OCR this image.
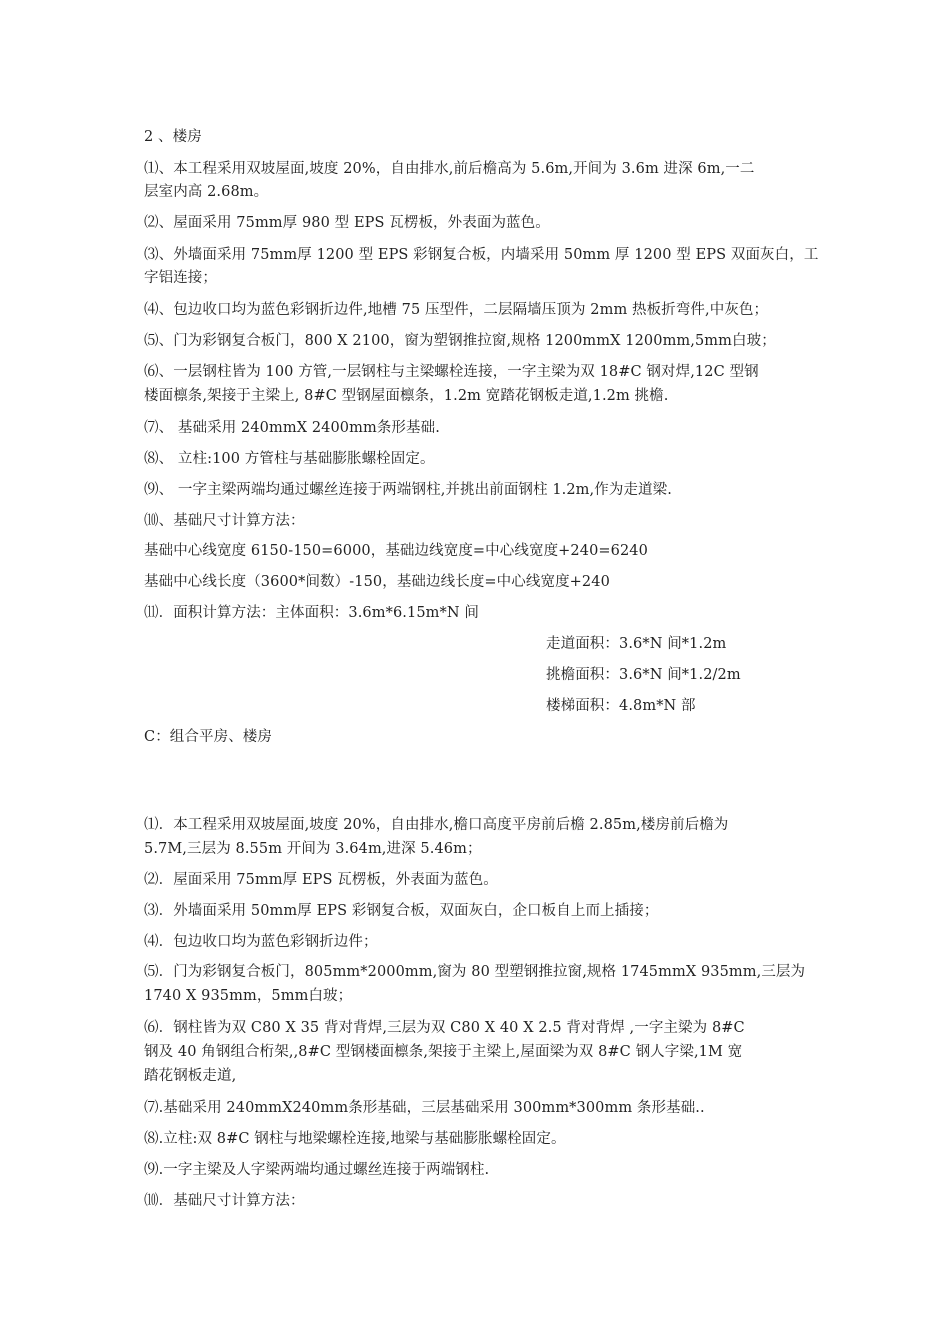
2 、楼房
⑴、本工程采用双坡屋面,坡度 20%，自由排水,前后檐高为 5.6m,开间为 3.6m 进深 6m,一二
层室内高 2.68m。
⑵、屋面采用 75mm厚 980 型 EPS 瓦楞板，外表面为蓝色。
⑶、外墙面采用 75mm厚 1200 型 EPS 彩钢复合板，内墙采用 50mm 厚 1200 型 EPS 双面灰白，工
字铝连接；
⑷、包边收口均为蓝色彩钢折边件,地槽 75 压型件，二层隔墙压顶为 2mm 热板折弯件,中灰色；
⑸、门为彩钢复合板门，800 X 2100，窗为塑钢推拉窗,规格 1200mmX 1200mm,5mm白玻；
⑹、一层钢柱皆为 100 方管,一层钢柱与主梁螺栓连接，一字主梁为双 18#C 钢对焊,12C 型钢
楼面檩条,架接于主梁上, 8#C 型钢屋面檩条，1.2m 宽踏花钢板走道,1.2m 挑檐.
⑺、 基础采用 240mmX 2400mm条形基础.
⑻、 立柱:100 方管柱与基础膨胀螺栓固定。
⑼、 一字主梁两端均通过螺丝连接于两端钢柱,并挑出前面钢柱 1.2m,作为走道梁.
⑽、基础尺寸计算方法：
基础中心线宽度 6150-150=6000，基础边线宽度=中心线宽度+240=6240
基础中心线长度（3600*间数）-150，基础边线长度=中心线宽度+240
⑾．面积计算方法：主体面积：3.6m*6.15m*N 间
走道面积：3.6*N 间*1.2m
挑檐面积：3.6*N 间*1.2/2m
楼梯面积：4.8m*N 部
C：组合平房、楼房
⑴．本工程采用双坡屋面,坡度 20%，自由排水,檐口高度平房前后檐 2.85m,楼房前后檐为
5.7M,三层为 8.55m 开间为 3.64m,进深 5.46m；
⑵．屋面采用 75mm厚 EPS 瓦楞板，外表面为蓝色。
⑶．外墙面采用 50mm厚 EPS 彩钢复合板，双面灰白，企口板自上而上插接；
⑷．包边收口均为蓝色彩钢折边件；
⑸．门为彩钢复合板门，805mm*2000mm,窗为 80 型塑钢推拉窗,规格 1745mmX 935mm,三层为
1740 X 935mm，5mm白玻；
⑹．钢柱皆为双 C80 X 35 背对背焊,三层为双 C80 X 40 X 2.5 背对背焊 ,一字主梁为 8#C
钢及 40 角钢组合桁架,,8#C 型钢楼面檩条,架接于主梁上,屋面梁为双 8#C 钢人字梁,1M 宽
踏花钢板走道,
⑺.基础采用 240mmX240mm条形基础，三层基础采用 300mm*300mm 条形基础..
⑻.立柱:双 8#C 钢柱与地梁螺栓连接,地梁与基础膨胀螺栓固定。
⑼.一字主梁及人字梁两端均通过螺丝连接于两端钢柱.
⑽．基础尺寸计算方法：
